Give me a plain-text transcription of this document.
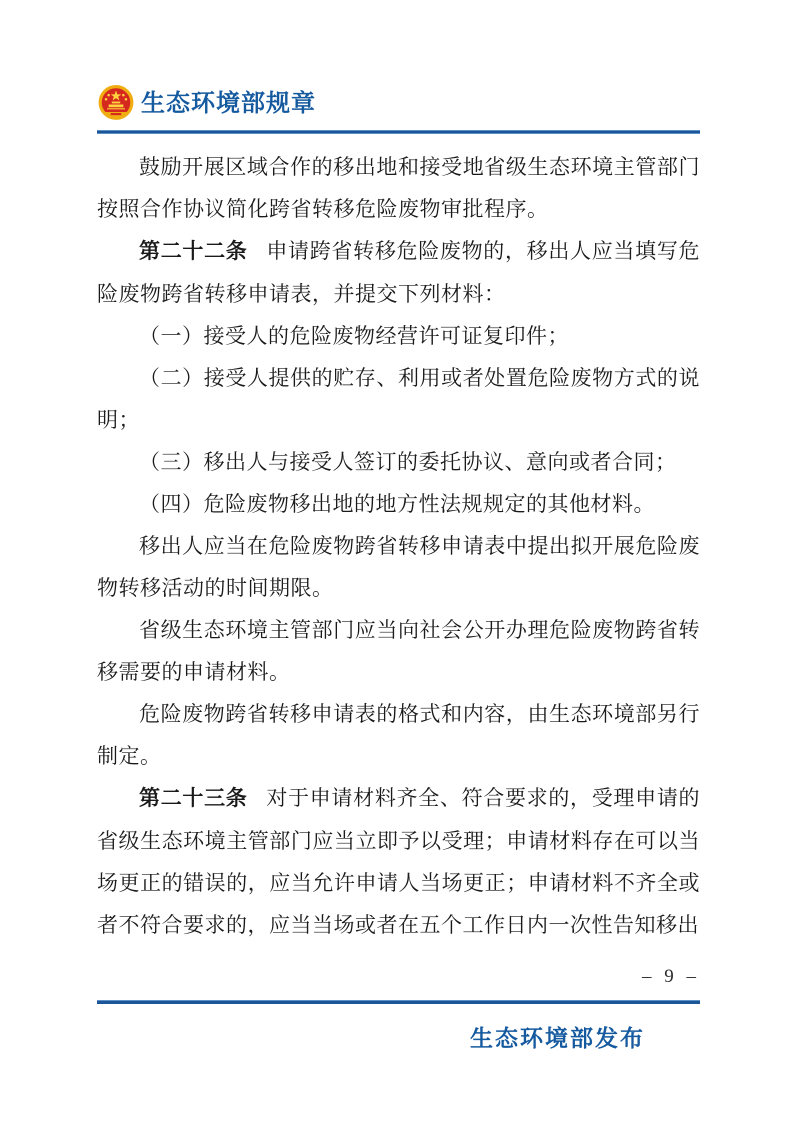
生态环境部规章

鼓励开展区域合作的移出地和接受地省级生态环境主管部门按照合作协议简化跨省转移危险废物审批程序。

第二十二条 申请跨省转移危险废物的，移出人应当填写危险废物跨省转移申请表，并提交下列材料：

（一）接受人的危险废物经营许可证复印件；

（二）接受人提供的贮存、利用或者处置危险废物方式的说明；

（三）移出人与接受人签订的委托协议、意向或者合同；

（四）危险废物移出地的地方性法规规定的其他材料。

移出人应当在危险废物跨省转移申请表中提出拟开展危险废物转移活动的时间期限。

省级生态环境主管部门应当向社会公开办理危险废物跨省转移需要的申请材料。

危险废物跨省转移申请表的格式和内容，由生态环境部另行制定。

第二十三条 对于申请材料齐全、符合要求的，受理申请的省级生态环境主管部门应当立即予以受理；申请材料存在可以当场更正的错误的，应当允许申请人当场更正；申请材料不齐全或者不符合要求的，应当当场或者在五个工作日内一次性告知移出

– 9 –
生态环境部发布
